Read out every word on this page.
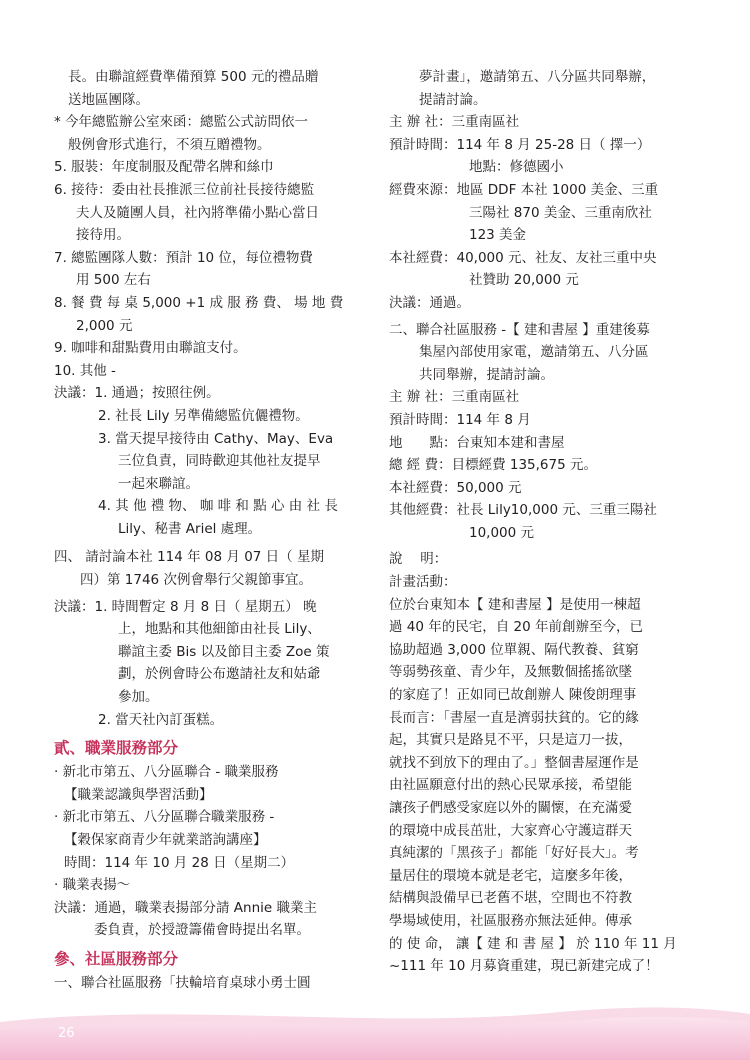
長。由聯誼經費準備預算 500 元的禮品贈
送地區團隊。
* 今年總監辦公室來函：總監公式訪問依一
般例會形式進行，不須互贈禮物。
5. 服裝：年度制服及配帶名牌和絲巾
6. 接待：委由社長推派三位前社長接待總監
夫人及隨團人員，社內將準備小點心當日
接待用。
7. 總監團隊人數：預計 10 位，每位禮物費
用 500 左右
8. 餐 費 每 桌 5,000 +1 成 服 務 費、 場 地 費
2,000 元
9. 咖啡和甜點費用由聯誼支付。
10. 其他 -
決議：1. 通過；按照往例。
2. 社長 Lily 另準備總監伉儷禮物。
3. 當天提早接待由 Cathy、May、Eva
三位負責，同時歡迎其他社友提早
一起來聯誼。
4. 其 他 禮 物、 咖 啡 和 點 心 由 社 長
Lily、秘書 Ariel 處理。
四、 請討論本社 114 年 08 月 07 日（ 星期
四）第 1746 次例會舉行父親節事宜。
決議：1. 時間暫定 8 月 8 日（ 星期五） 晚
上，地點和其他細節由社長 Lily、
聯誼主委 Bis 以及節目主委 Zoe 策
劃，於例會時公布邀請社友和姑爺
參加。
2. 當天社內訂蛋糕。
貳、職業服務部分
‧ 新北市第五、八分區聯合 - 職業服務
【職業認識與學習活動】
‧ 新北市第五、八分區聯合職業服務 -
【穀保家商青少年就業諮詢講座】
時間：114 年 10 月 28 日（星期二）
‧ 職業表揚～
決議：通過，職業表揚部分請 Annie 職業主
委負責，於授證籌備會時提出名單。
參、社區服務部分
一、聯合社區服務「扶輪培育桌球小勇士圓
夢計畫」，邀請第五、八分區共同舉辦，
提請討論。
主 辦 社：三重南區社
預計時間：114 年 8 月 25-28 日（ 擇一）
地點：修德國小
經費來源：地區 DDF 本社 1000 美金、三重
三陽社 870 美金、三重南欣社
123 美金
本社經費：40,000 元、社友、友社三重中央
社贊助 20,000 元
決議：通過。
二、聯合社區服務 -【 建和書屋 】重建後募
集屋內部使用家電，邀請第五、八分區
共同舉辦，提請討論。
主 辦 社：三重南區社
預計時間：114 年 8 月
地　　點：台東知本建和書屋
總 經 費：目標經費 135,675 元。
本社經費：50,000 元
其他經費：社長 Lily10,000 元、三重三陽社
10,000 元
說　 明：
計畫活動：
位於台東知本【 建和書屋 】是使用一棟超
過 40 年的民宅，自 20 年前創辦至今，已
協助超過 3,000 位單親、隔代教養、貧窮
等弱勢孩童、青少年，及無數個搖搖欲墜
的家庭了！正如同已故創辦人 陳俊朗理事
長而言：「書屋一直是濟弱扶貧的。它的緣
起，其實只是路見不平，只是這刀一拔，
就找不到放下的理由了。」整個書屋運作是
由社區願意付出的熱心民眾承接，希望能
讓孩子們感受家庭以外的關懷，在充滿愛
的環境中成長茁壯，大家齊心守護這群天
真純潔的「黑孩子」都能「好好長大」。考
量居住的環境本就是老宅，這麼多年後，
結構與設備早已老舊不堪，空間也不符教
學場域使用，社區服務亦無法延伸。傳承
的 使 命， 讓【 建 和 書 屋 】 於 110 年 11 月
~111 年 10 月募資重建，現已新建完成了！
26
